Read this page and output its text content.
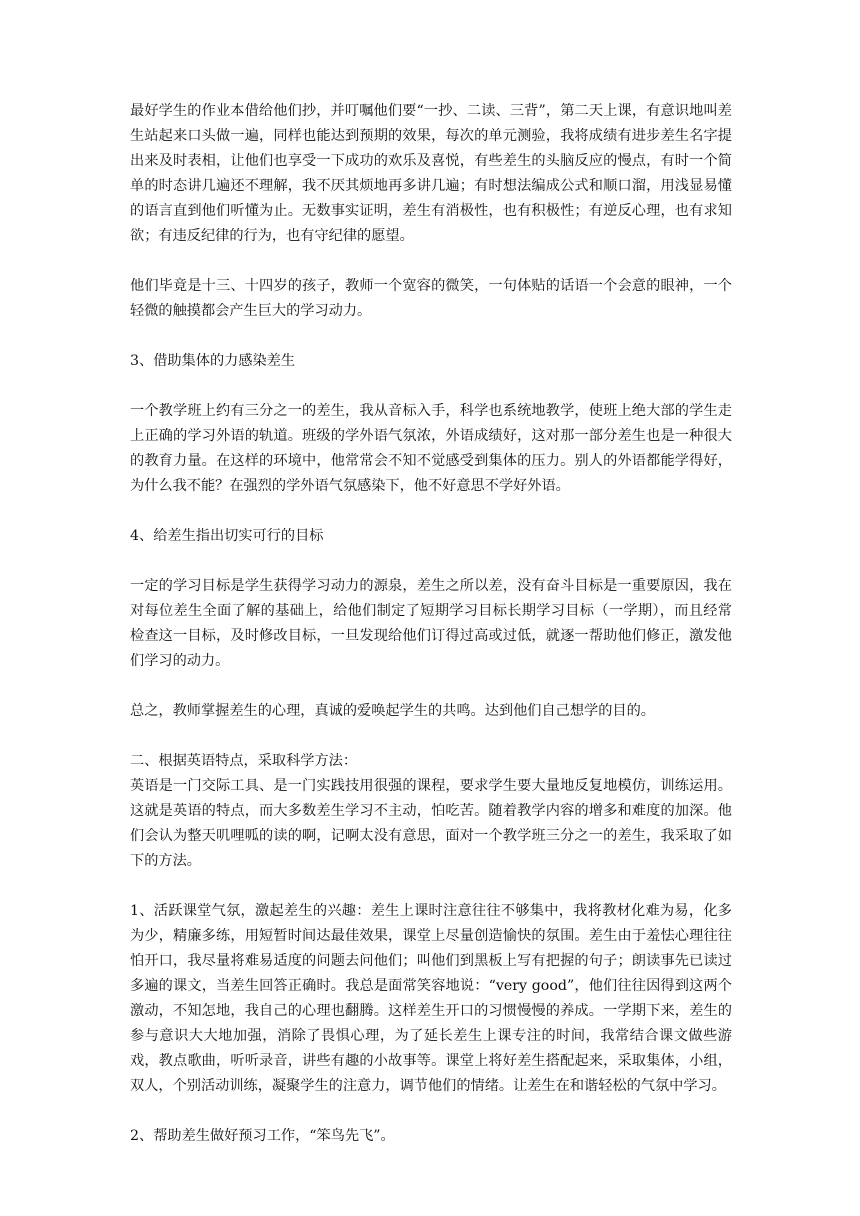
最好学生的作业本借给他们抄，并叮嘱他们要“一抄、二读、三背”，第二天上课，有意识地叫差生站起来口头做一遍，同样也能达到预期的效果，每次的单元测验，我将成绩有进步差生名字提出来及时表相，让他们也享受一下成功的欢乐及喜悦，有些差生的头脑反应的慢点，有时一个简单的时态讲几遍还不理解，我不厌其烦地再多讲几遍；有时想法编成公式和顺口溜，用浅显易懂的语言直到他们听懂为止。无数事实证明，差生有消极性，也有积极性；有逆反心理，也有求知欲；有违反纪律的行为，也有守纪律的愿望。

他们毕竟是十三、十四岁的孩子，教师一个宽容的微笑，一句体贴的话语一个会意的眼神，一个轻微的触摸都会产生巨大的学习动力。

3、借助集体的力感染差生

一个教学班上约有三分之一的差生，我从音标入手，科学也系统地教学，使班上绝大部的学生走上正确的学习外语的轨道。班级的学外语气氛浓，外语成绩好，这对那一部分差生也是一种很大的教育力量。在这样的环境中，他常常会不知不觉感受到集体的压力。别人的外语都能学得好，为什么我不能？在强烈的学外语气氛感染下，他不好意思不学好外语。

4、给差生指出切实可行的目标

一定的学习目标是学生获得学习动力的源泉，差生之所以差，没有奋斗目标是一重要原因，我在对每位差生全面了解的基础上，给他们制定了短期学习目标长期学习目标（一学期），而且经常检查这一目标，及时修改目标，一旦发现给他们订得过高或过低，就逐一帮助他们修正，激发他们学习的动力。

总之，教师掌握差生的心理，真诚的爱唤起学生的共鸣。达到他们自己想学的目的。

二、根据英语特点，采取科学方法：

英语是一门交际工具、是一门实践技用很强的课程，要求学生要大量地反复地模仿，训练运用。这就是英语的特点，而大多数差生学习不主动，怕吃苦。随着教学内容的增多和难度的加深。他们会认为整天叽哩呱的读的啊，记啊太没有意思，面对一个教学班三分之一的差生，我采取了如下的方法。

1、活跃课堂气氛，激起差生的兴趣：差生上课时注意往往不够集中，我将教材化难为易，化多为少，精廉多练，用短暂时间达最佳效果，课堂上尽量创造愉快的氛围。差生由于羞怯心理往往怕开口，我尽量将难易适度的问题去问他们；叫他们到黑板上写有把握的句子；朗读事先已读过多遍的课文，当差生回答正确时。我总是面常笑容地说：“very good”，他们往往因得到这两个激动，不知怎地，我自己的心理也翻腾。这样差生开口的习惯慢慢的养成。一学期下来，差生的参与意识大大地加强，消除了畏惧心理，为了延长差生上课专注的时间，我常结合课文做些游戏，教点歌曲，听听录音，讲些有趣的小故事等。课堂上将好差生搭配起来，采取集体，小组，双人，个别活动训练，凝聚学生的注意力，调节他们的情绪。让差生在和谐轻松的气氛中学习。

2、帮助差生做好预习工作，“笨鸟先飞”。
